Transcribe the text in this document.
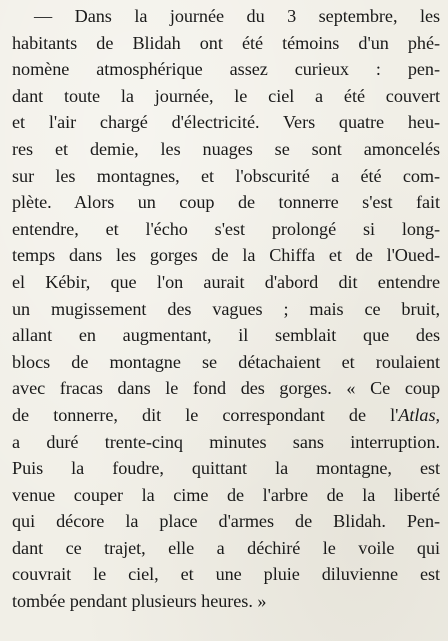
— Dans la journée du 3 septembre, les
habitants de Blidah ont été témoins d'un phé-
nomène atmosphérique assez curieux : pen-
dant toute la journée, le ciel a été couvert
et l'air chargé d'électricité. Vers quatre heu-
res et demie, les nuages se sont amoncelés
sur les montagnes, et l'obscurité a été com-
plète. Alors un coup de tonnerre s'est fait
entendre, et l'écho s'est prolongé si long-
temps dans les gorges de la Chiffa et de l'Oued-
el Kébir, que l'on aurait d'abord dit entendre
un mugissement des vagues ; mais ce bruit,
allant en augmentant, il semblait que des
blocs de montagne se détachaient et roulaient
avec fracas dans le fond des gorges. « Ce coup
de tonnerre, dit le correspondant de l'Atlas,
a duré trente-cinq minutes sans interruption.
Puis la foudre, quittant la montagne, est
venue couper la cime de l'arbre de la liberté
qui décore la place d'armes de Blidah. Pen-
dant ce trajet, elle a déchiré le voile qui
couvrait le ciel, et une pluie diluvienne est
tombée pendant plusieurs heures. »
